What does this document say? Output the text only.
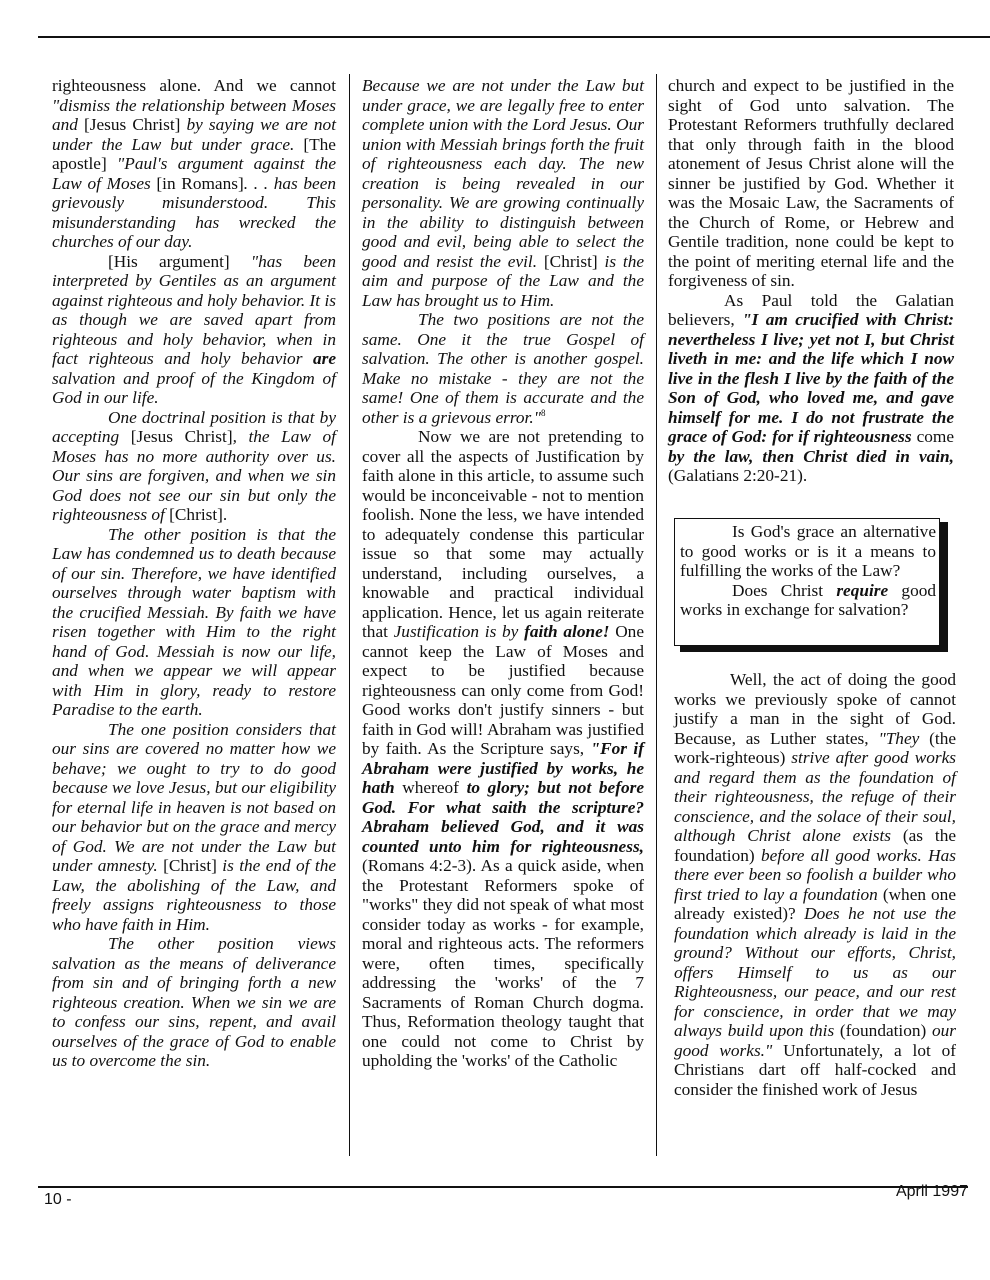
righteousness alone. And we cannot "dismiss the relationship between Moses and [Jesus Christ] by saying we are not under the Law but under grace. [The apostle] "Paul's argument against the Law of Moses [in Romans]. . . has been grievously misunderstood. This misunderstanding has wrecked the churches of our day.

[His argument] "has been interpreted by Gentiles as an argument against righteous and holy behavior. It is as though we are saved apart from righteous and holy behavior, when in fact righteous and holy behavior are salvation and proof of the Kingdom of God in our life.

One doctrinal position is that by accepting [Jesus Christ], the Law of Moses has no more authority over us. Our sins are forgiven, and when we sin God does not see our sin but only the righteousness of [Christ].

The other position is that the Law has condemned us to death because of our sin. Therefore, we have identified ourselves through water baptism with the crucified Messiah. By faith we have risen together with Him to the right hand of God. Messiah is now our life, and when we appear we will appear with Him in glory, ready to restore Paradise to the earth.

The one position considers that our sins are covered no matter how we behave; we ought to try to do good because we love Jesus, but our eligibility for eternal life in heaven is not based on our behavior but on the grace and mercy of God. We are not under the Law but under amnesty. [Christ] is the end of the Law, the abolishing of the Law, and freely assigns righteousness to those who have faith in Him.

The other position views salvation as the means of deliverance from sin and of bringing forth a new righteous creation. When we sin we are to confess our sins, repent, and avail ourselves of the grace of God to enable us to overcome the sin.

Because we are not under the Law but under grace, we are legally free to enter complete union with the Lord Jesus. Our union with Messiah brings forth the fruit of righteousness each day. The new creation is being revealed in our personality. We are growing continually in the ability to distinguish between good and evil, being able to select the good and resist the evil. [Christ] is the aim and purpose of the Law and the Law has brought us to Him.

The two positions are not the same. One it the true Gospel of salvation. The other is another gospel. Make no mistake - they are not the same! One of them is accurate and the other is a grievous error."$^8$

Now we are not pretending to cover all the aspects of Justification by faith alone in this article, to assume such would be inconceivable - not to mention foolish. None the less, we have intended to adequately condense this particular issue so that some may actually understand, including ourselves, a knowable and practical individual application. Hence, let us again reiterate that Justification is by faith alone! One cannot keep the Law of Moses and expect to be justified because righteousness can only come from God! Good works don't justify sinners - but faith in God will! Abraham was justified by faith. As the Scripture says, "For if Abraham were justified by works, he hath whereof to glory; but not before God. For what saith the scripture? Abraham believed God, and it was counted unto him for righteousness, (Romans 4:2-3). As a quick aside, when the Protestant Reformers spoke of "works" they did not speak of what most consider today as works - for example, moral and righteous acts. The reformers were, often times, specifically addressing the 'works' of the 7 Sacraments of Roman Church dogma. Thus, Reformation theology taught that one could not come to Christ by upholding the 'works' of the Catholic

church and expect to be justified in the sight of God unto salvation. The Protestant Reformers truthfully declared that only through faith in the blood atonement of Jesus Christ alone will the sinner be justified by God. Whether it was the Mosaic Law, the Sacraments of the Church of Rome, or Hebrew and Gentile tradition, none could be kept to the point of meriting eternal life and the forgiveness of sin.

As Paul told the Galatian believers, "I am crucified with Christ: nevertheless I live; yet not I, but Christ liveth in me: and the life which I now live in the flesh I live by the faith of the Son of God, who loved me, and gave himself for me. I do not frustrate the grace of God: for if righteousness come by the law, then Christ died in vain, (Galatians 2:20-21).

Is God's grace an alternative to good works or is it a means to fulfilling the works of the Law?

Does Christ require good works in exchange for salvation?

Well, the act of doing the good works we previously spoke of cannot justify a man in the sight of God. Because, as Luther states, "They (the work-righteous) strive after good works and regard them as the foundation of their righteousness, the refuge of their conscience, and the solace of their soul, although Christ alone exists (as the foundation) before all good works. Has there ever been so foolish a builder who first tried to lay a foundation (when one already existed)? Does he not use the foundation which already is laid in the ground? Without our efforts, Christ, offers Himself to us as our Righteousness, our peace, and our rest for conscience, in order that we may always build upon this (foundation) our good works." Unfortunately, a lot of Christians dart off half-cocked and consider the finished work of Jesus

10 -	April 1997
